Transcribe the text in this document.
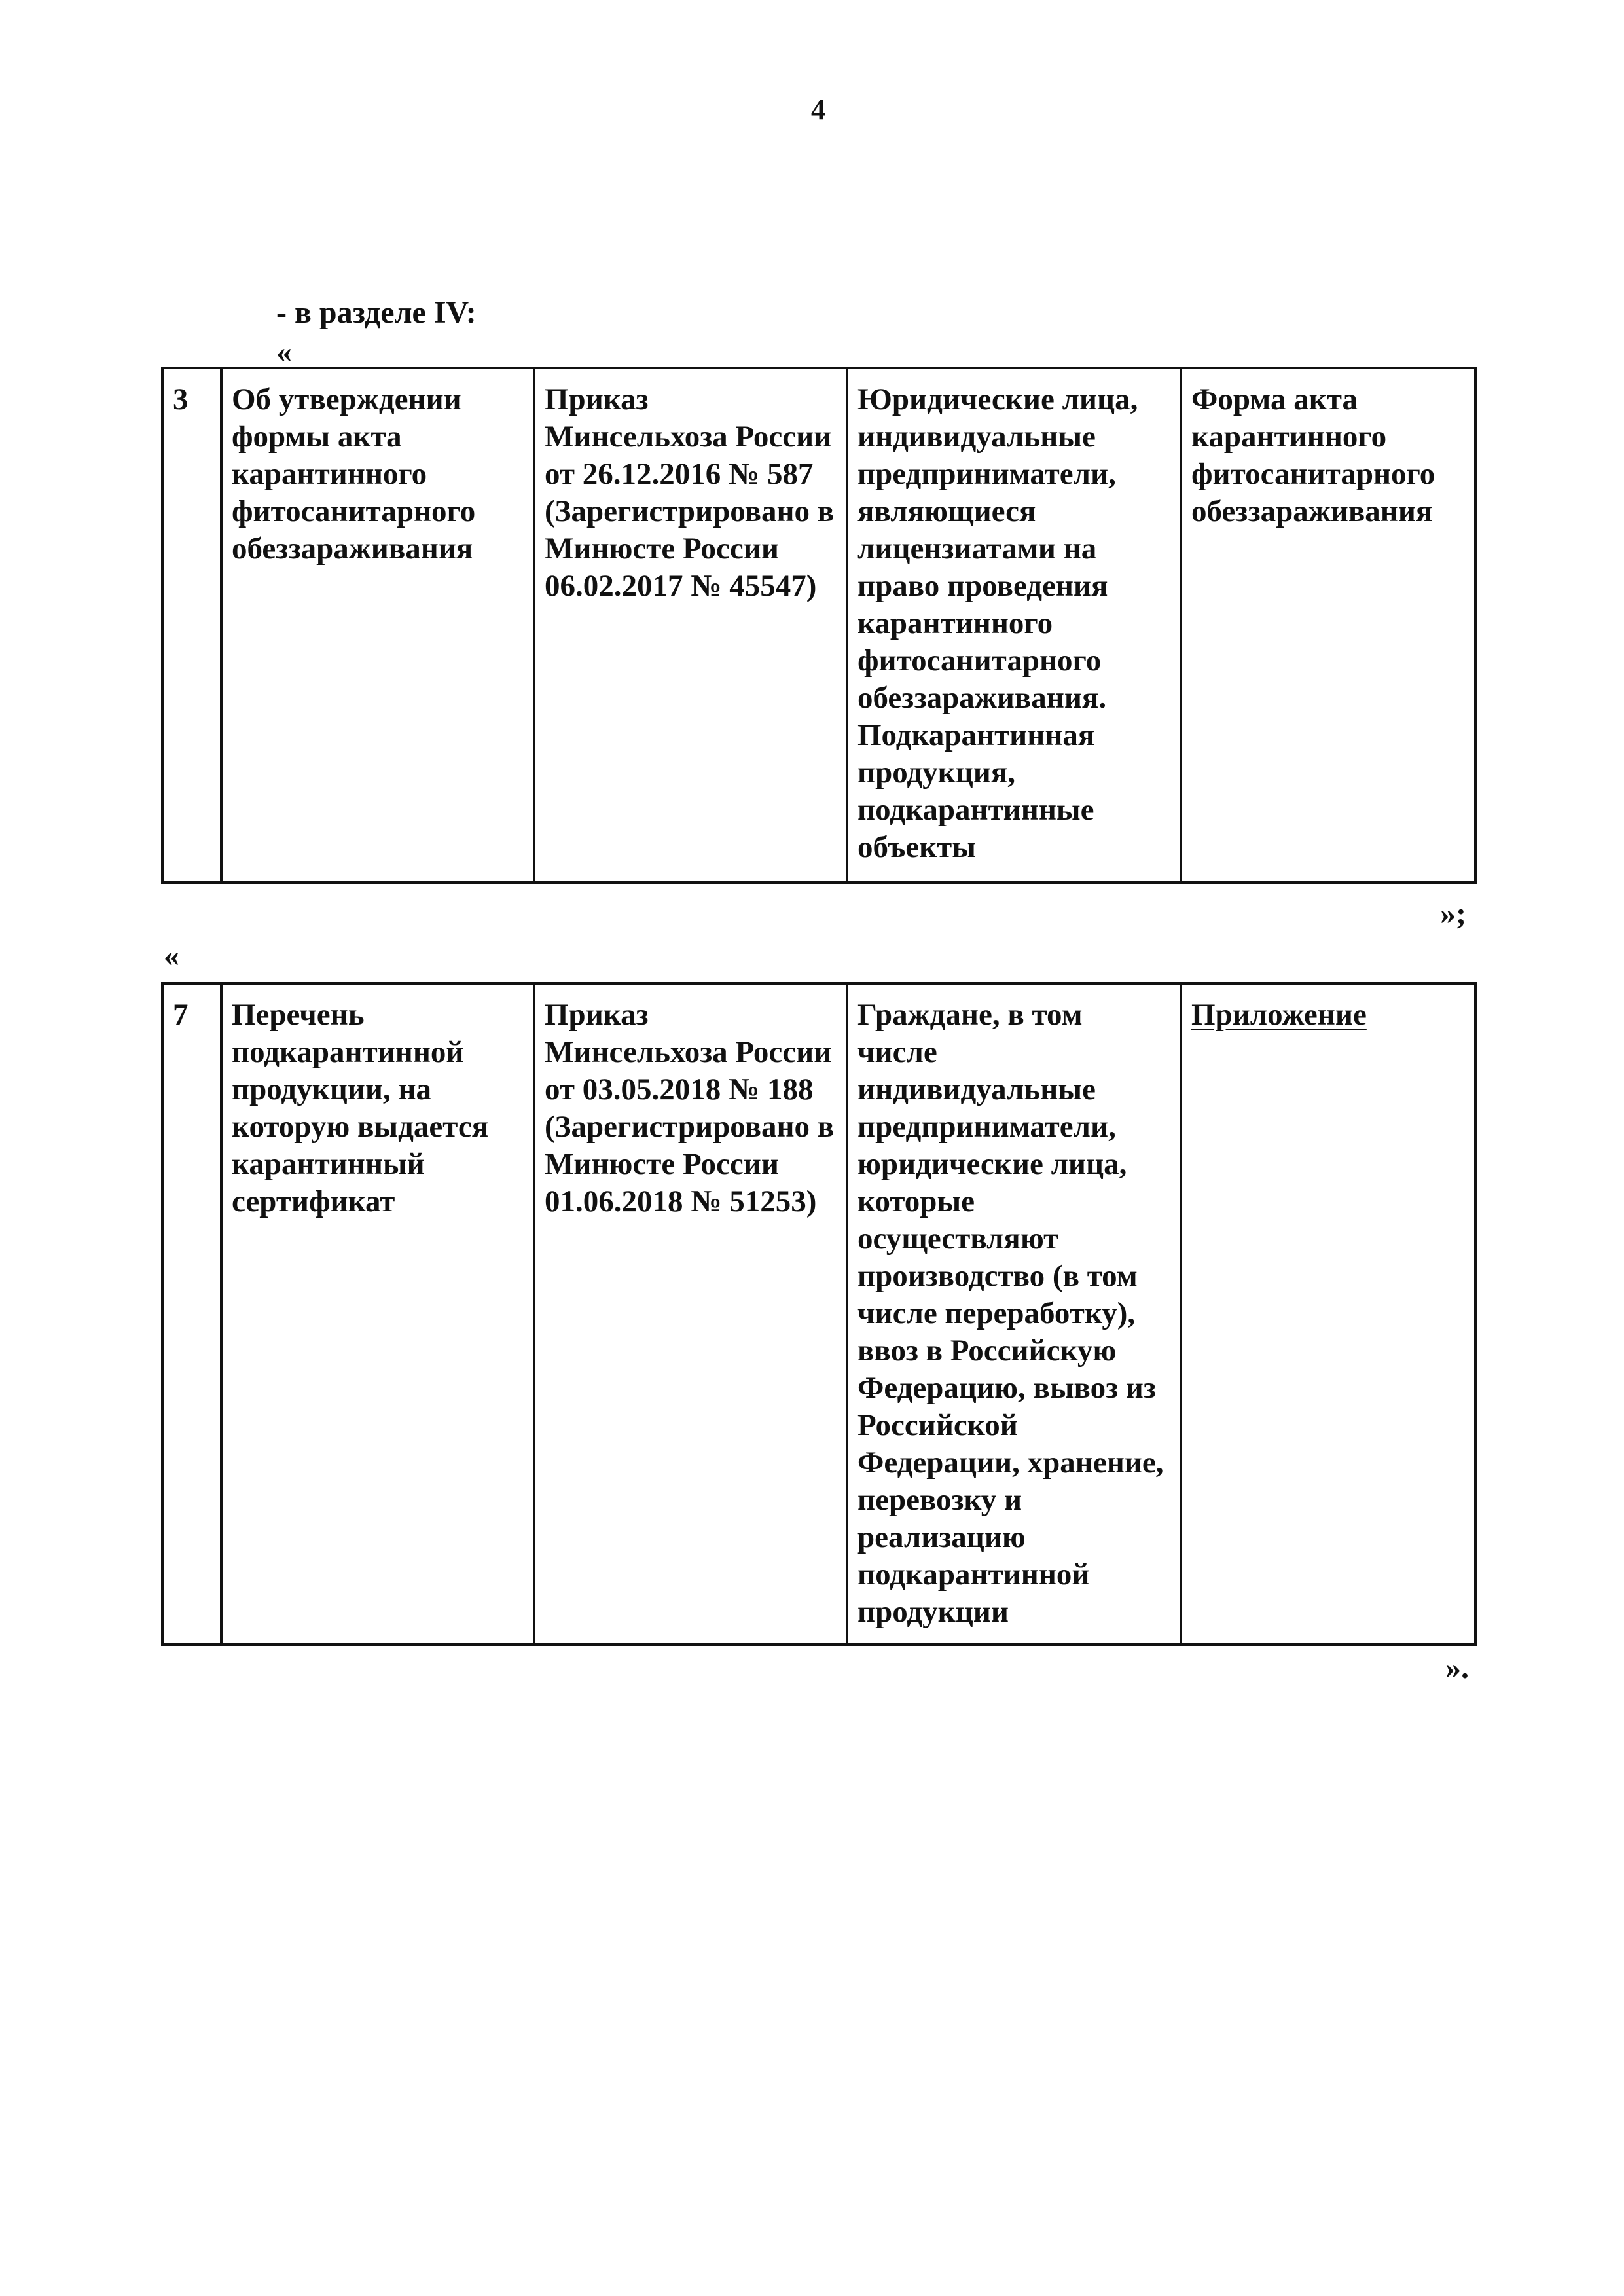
4
- в разделе IV:
«
3	Об утверждении
формы акта
карантинного
фитосанитарного
обеззараживания	Приказ
Минсельхоза России
от 26.12.2016 № 587
(Зарегистрировано в
Минюсте России
06.02.2017 № 45547)	Юридические лица,
индивидуальные
предприниматели,
являющиеся
лицензиатами на
право проведения
карантинного
фитосанитарного
обеззараживания.
Подкарантинная
продукция,
подкарантинные
объекты	Форма акта
карантинного
фитосанитарного
обеззараживания
»;
«
7	Перечень
подкарантинной
продукции, на
которую выдается
карантинный
сертификат	Приказ
Минсельхоза России
от 03.05.2018 № 188
(Зарегистрировано в
Минюсте России
01.06.2018 № 51253)	Граждане, в том
числе
индивидуальные
предприниматели,
юридические лица,
которые
осуществляют
производство (в том
числе переработку),
ввоз в Российскую
Федерацию, вывоз из
Российской
Федерации, хранение,
перевозку и
реализацию
подкарантинной
продукции	Приложение
».
